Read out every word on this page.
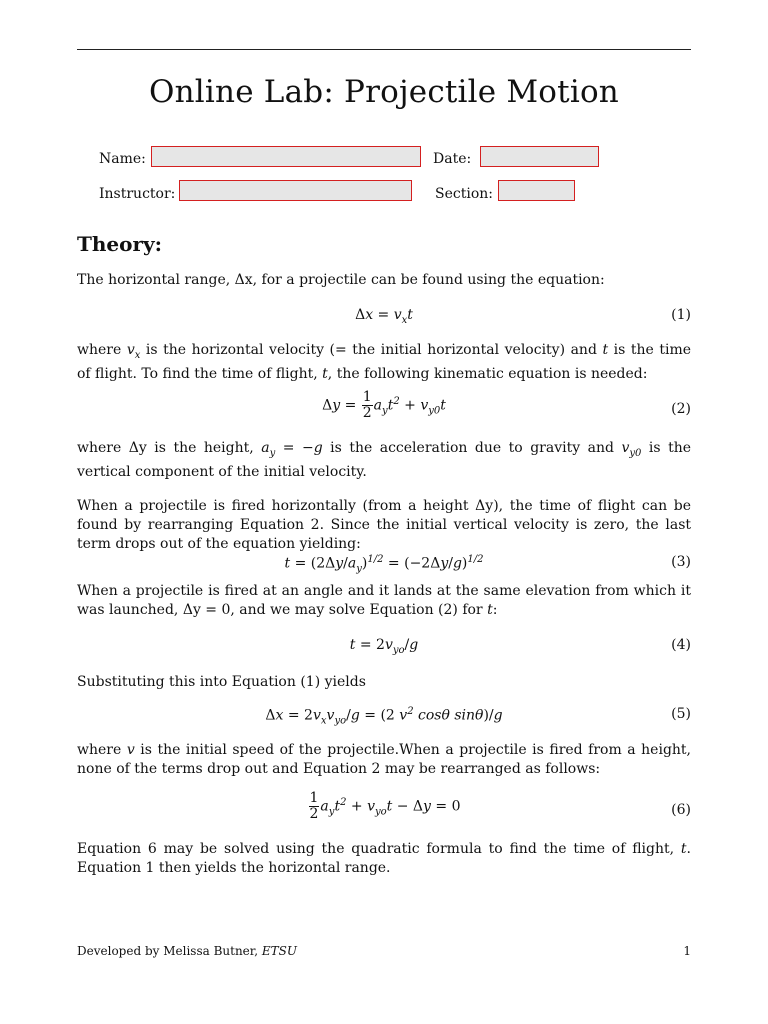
Online Lab: Projectile Motion
Name:	Date:
Instructor:	Section:
Theory:
The horizontal range, Δx, for a projectile can be found using the equation:
$\Delta x = v_xt$	(1)
where $v_x$ is the horizontal velocity (= the initial horizontal velocity) and t is the time of flight. To find the time of flight, t, the following kinematic equation is needed:
$\Delta y = \frac{1}{2} a_yt^2 + v_{y0}t$	(2)
where Δy is the height, $a_y = -g$ is the acceleration due to gravity and $v_{y0}$ is the vertical component of the initial velocity.
When a projectile is fired horizontally (from a height Δy), the time of flight can be found by rearranging Equation 2. Since the initial vertical velocity is zero, the last term drops out of the equation yielding:
$t = (2\Delta y/a_y)^{1/2} = (-2\Delta y/g)^{1/2}$	(3)
When a projectile is fired at an angle and it lands at the same elevation from which it was launched, Δy = 0, and we may solve Equation (2) for t:
$t = 2v_{yo}/g$	(4)
Substituting this into Equation (1) yields
$\Delta x = 2v_xv_{yo}/g = (2$ $v^2$ cosθ sinθ)/g	(5)
where v is the initial speed of the projectile.When a projectile is fired from a height, none of the terms drop out and Equation 2 may be rearranged as follows:
$\frac{1}{2} a_yt^2 + v_{yo}t - \Delta y = 0$	(6)
Equation 6 may be solved using the quadratic formula to find the time of flight, t. Equation 1 then yields the horizontal range.
Developed by Melissa Butner, ETSU	1
